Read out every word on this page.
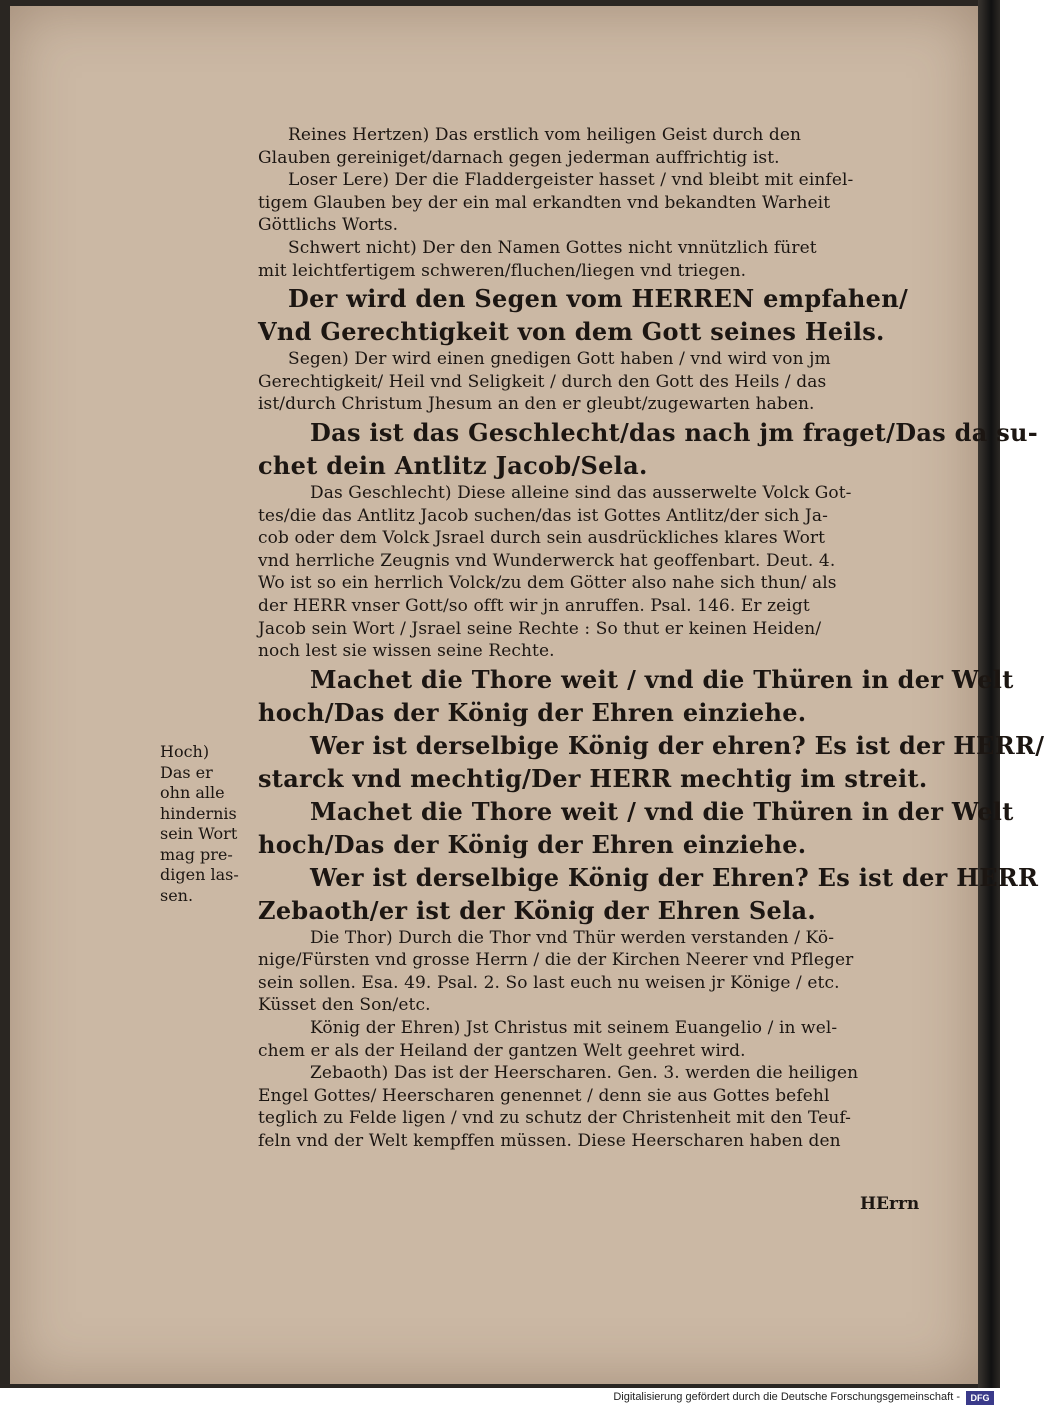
Reines Hertzen) Das erstlich vom heiligen Geist durch den
Glauben gereiniget/darnach gegen jederman auffrichtig ist.
Loser Lere) Der die Fladdergeister hasset / vnd bleibt mit einfel-
tigem Glauben bey der ein mal erkandten vnd bekandten Warheit
Göttlichs Worts.
Schwert nicht) Der den Namen Gottes nicht vnnützlich füret
mit leichtfertigem schweren/fluchen/liegen vnd triegen.
Der wird den Segen vom HERREN empfahen/
Vnd Gerechtigkeit von dem Gott seines Heils.
Segen) Der wird einen gnedigen Gott haben / vnd wird von jm
Gerechtigkeit/ Heil vnd Seligkeit / durch den Gott des Heils / das
ist/durch Christum Jhesum an den er gleubt/zugewarten haben.
Das ist das Geschlecht/das nach jm fraget/Das da su-
chet dein Antlitz Jacob/Sela.
Das Geschlecht) Diese alleine sind das ausserwelte Volck Got-
tes/die das Antlitz Jacob suchen/das ist Gottes Antlitz/der sich Ja-
cob oder dem Volck Jsrael durch sein ausdrückliches klares Wort
vnd herrliche Zeugnis vnd Wunderwerck hat geoffenbart. Deut. 4.
Wo ist so ein herrlich Volck/zu dem Götter also nahe sich thun/ als
der HERR vnser Gott/so offt wir jn anruffen. Psal. 146. Er zeigt
Jacob sein Wort / Jsrael seine Rechte : So thut er keinen Heiden/
noch lest sie wissen seine Rechte.
Machet die Thore weit / vnd die Thüren in der Welt
hoch/Das der König der Ehren einziehe.
Wer ist derselbige König der ehren? Es ist der HERR/
starck vnd mechtig/Der HERR mechtig im streit.
Machet die Thore weit / vnd die Thüren in der Welt
hoch/Das der König der Ehren einziehe.
Wer ist derselbige König der Ehren? Es ist der HERR
Zebaoth/er ist der König der Ehren Sela.
Die Thor) Durch die Thor vnd Thür werden verstanden / Kö-
nige/Fürsten vnd grosse Herrn / die der Kirchen Neerer vnd Pfleger
sein sollen. Esa. 49. Psal. 2. So last euch nu weisen jr Könige / etc.
Küsset den Son/etc.
König der Ehren) Jst Christus mit seinem Euangelio / in wel-
chem er als der Heiland der gantzen Welt geehret wird.
Zebaoth) Das ist der Heerscharen. Gen. 3. werden die heiligen
Engel Gottes/ Heerscharen genennet / denn sie aus Gottes befehl
teglich zu Felde ligen / vnd zu schutz der Christenheit mit den Teuf-
feln vnd der Welt kempffen müssen. Diese Heerscharen haben den
Hoch)
Das er
ohn alle
hindernis
sein Wort
mag pre-
digen las-
sen.
HErrn
Digitalisierung gefördert durch die Deutsche Forschungsgemeinschaft -	DFG
